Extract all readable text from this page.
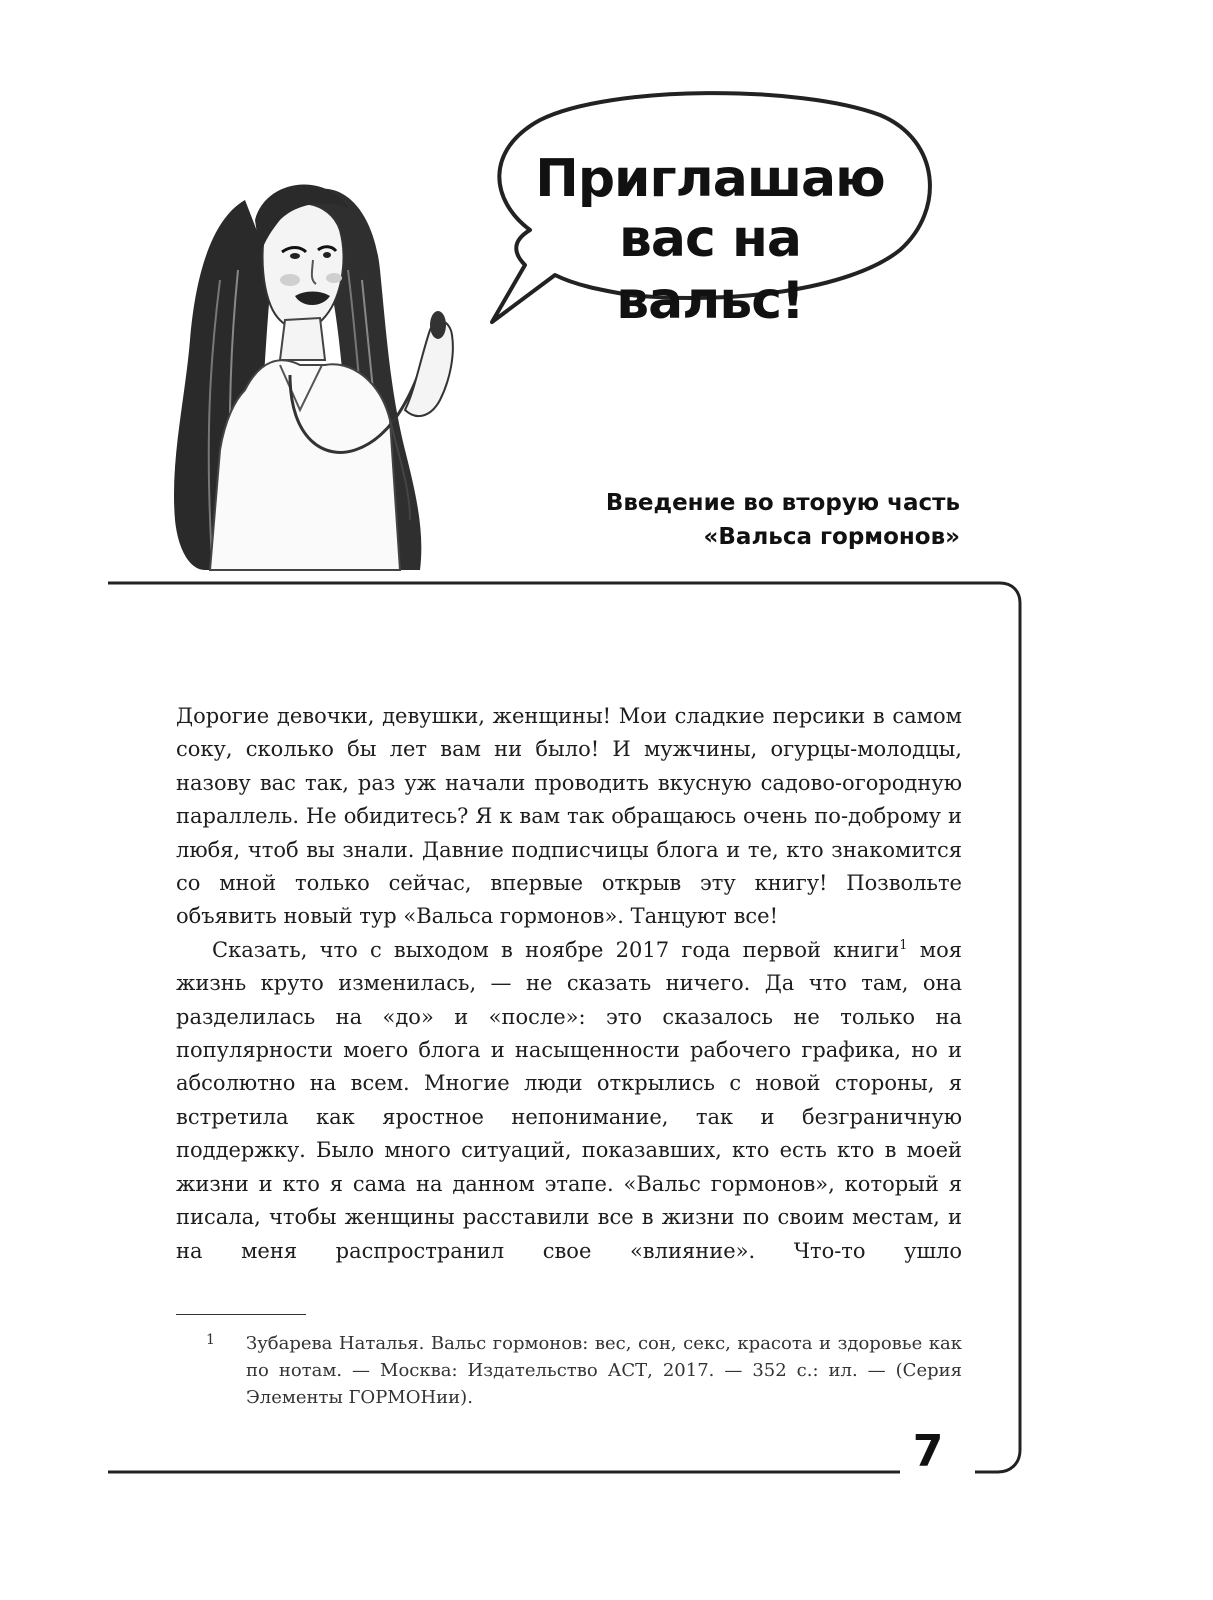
Приглашаю
вас на вальс!
Введение во вторую часть
«Вальса гормонов»

Дорогие девочки, девушки, женщины! Мои сладкие персики в самом соку, сколько бы лет вам ни было! И мужчины, огурцы-молодцы, назову вас так, раз уж начали проводить вкусную садово-огородную параллель. Не обидитесь? Я к вам так обращаюсь очень по-доброму и любя, чтоб вы знали. Давние подписчицы блога и те, кто знакомится со мной только сейчас, впервые открыв эту книгу! Позвольте объявить новый тур «Вальса гормонов». Танцуют все!

Сказать, что с выходом в ноябре 2017 года первой книги$^1$ моя жизнь круто изменилась, — не сказать ничего. Да что там, она разделилась на «до» и «после»: это сказалось не только на популярности моего блога и насыщенности рабочего графика, но и абсолютно на всем. Многие люди открылись с новой стороны, я встретила как яростное непонимание, так и безграничную поддержку. Было много ситуаций, показавших, кто есть кто в моей жизни и кто я сама на данном этапе. «Вальс гормонов», который я писала, чтобы женщины расставили все в жизни по своим местам, и на меня распространил свое «влияние». Что-то ушло

1 Зубарева Наталья. Вальс гормонов: вес, сон, секс, красота и здоровье как по нотам. — Москва: Издательство АСТ, 2017. — 352 с.: ил. — (Серия Элементы ГОРМОНии).
7
